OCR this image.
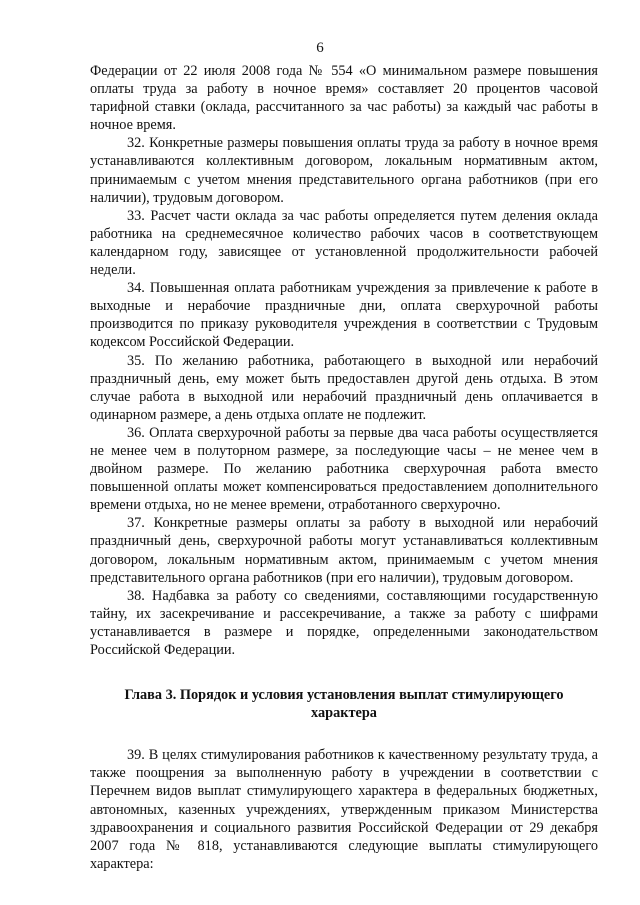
6

Федерации от 22 июля 2008 года № 554 «О минимальном размере повышения оплаты труда за работу в ночное время» составляет 20 процентов часовой тарифной ставки (оклада, рассчитанного за час работы) за каждый час работы в ночное время.

32. Конкретные размеры повышения оплаты труда за работу в ночное время устанавливаются коллективным договором, локальным нормативным актом, принимаемым с учетом мнения представительного органа работников (при его наличии), трудовым договором.

33. Расчет части оклада за час работы определяется путем деления оклада работника на среднемесячное количество рабочих часов в соответствующем календарном году, зависящее от установленной продолжительности рабочей недели.

34. Повышенная оплата работникам учреждения за привлечение к работе в выходные и нерабочие праздничные дни, оплата сверхурочной работы производится по приказу руководителя учреждения в соответствии с Трудовым кодексом Российской Федерации.

35. По желанию работника, работающего в выходной или нерабочий праздничный день, ему может быть предоставлен другой день отдыха. В этом случае работа в выходной или нерабочий праздничный день оплачивается в одинарном размере, а день отдыха оплате не подлежит.

36. Оплата сверхурочной работы за первые два часа работы осуществляется не менее чем в полуторном размере, за последующие часы – не менее чем в двойном размере. По желанию работника сверхурочная работа вместо повышенной оплаты может компенсироваться предоставлением дополнительного времени отдыха, но не менее времени, отработанного сверхурочно.

37. Конкретные размеры оплаты за работу в выходной или нерабочий праздничный день, сверхурочной работы могут устанавливаться коллективным договором, локальным нормативным актом, принимаемым с учетом мнения представительного органа работников (при его наличии), трудовым договором.

38. Надбавка за работу со сведениями, составляющими государственную тайну, их засекречивание и рассекречивание, а также за работу с шифрами устанавливается в размере и порядке, определенными законодательством Российской Федерации.

Глава 3. Порядок и условия установления выплат стимулирующего характера

39. В целях стимулирования работников к качественному результату труда, а также поощрения за выполненную работу в учреждении в соответствии с Перечнем видов выплат стимулирующего характера в федеральных бюджетных, автономных, казенных учреждениях, утвержденным приказом Министерства здравоохранения и социального развития Российской Федерации от 29 декабря 2007 года № 818, устанавливаются следующие выплаты стимулирующего характера:
